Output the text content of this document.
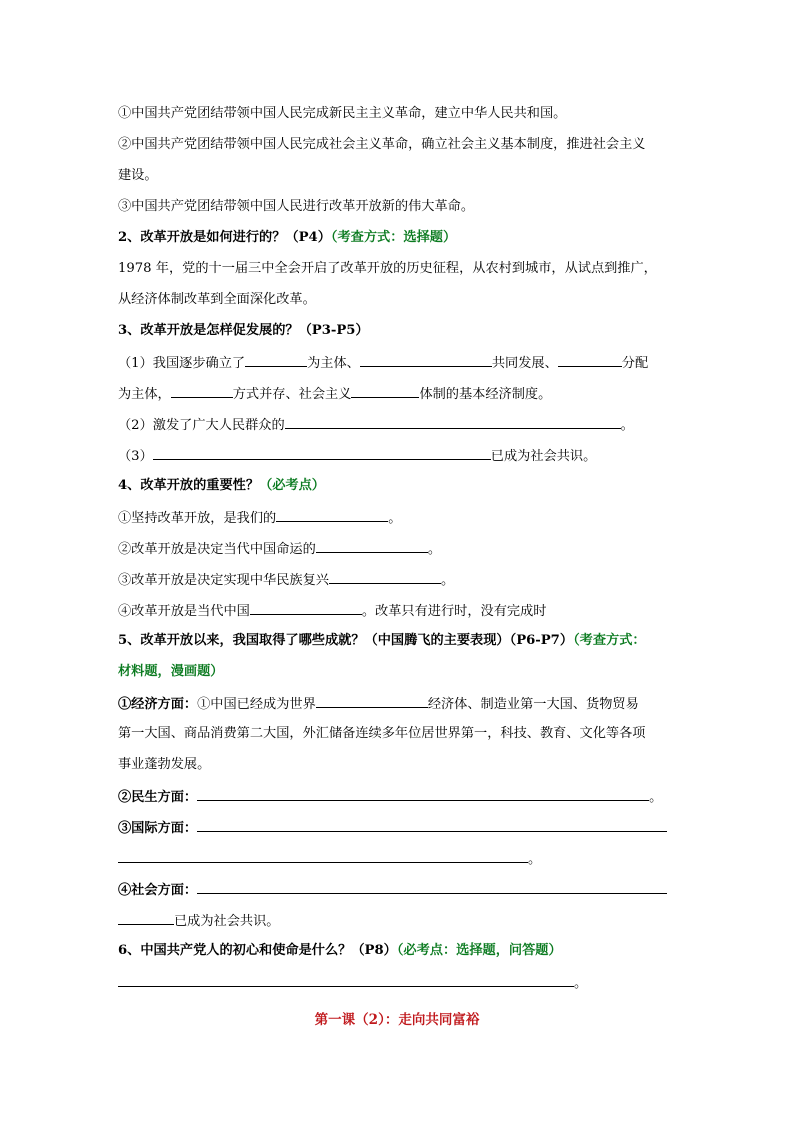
①中国共产党团结带领中国人民完成新民主主义革命，建立中华人民共和国。
②中国共产党团结带领中国人民完成社会主义革命，确立社会主义基本制度，推进社会主义
建设。
③中国共产党团结带领中国人民进行改革开放新的伟大革命。
2、改革开放是如何进行的？（P4）（考查方式：选择题）
1978 年，党的十一届三中全会开启了改革开放的历史征程，从农村到城市，从试点到推广，
从经济体制改革到全面深化改革。
3、改革开放是怎样促发展的？（P3-P5）
（1）我国逐步确立了	为主体、	共同发展、	分配
为主体，	方式并存、社会主义	体制的基本经济制度。
（2）激发了广大人民群众的	。
（3）	已成为社会共识。
4、改革开放的重要性？（必考点）
①坚持改革开放，是我们的	。
②改革开放是决定当代中国命运的	。
③改革开放是决定实现中华民族复兴	。
④改革开放是当代中国	。改革只有进行时，没有完成时
5、改革开放以来，我国取得了哪些成就？（中国腾飞的主要表现）（P6-P7）（考查方式：
材料题，漫画题）
①经济方面：①中国已经成为世界	经济体、制造业第一大国、货物贸易
第一大国、商品消费第二大国，外汇储备连续多年位居世界第一，科技、教育、文化等各项
事业蓬勃发展。
②民生方面：	。
③国际方面：
。
④社会方面：
已成为社会共识。
6、中国共产党人的初心和使命是什么？（P8）（必考点：选择题，问答题）
。
第一课（2）：走向共同富裕
